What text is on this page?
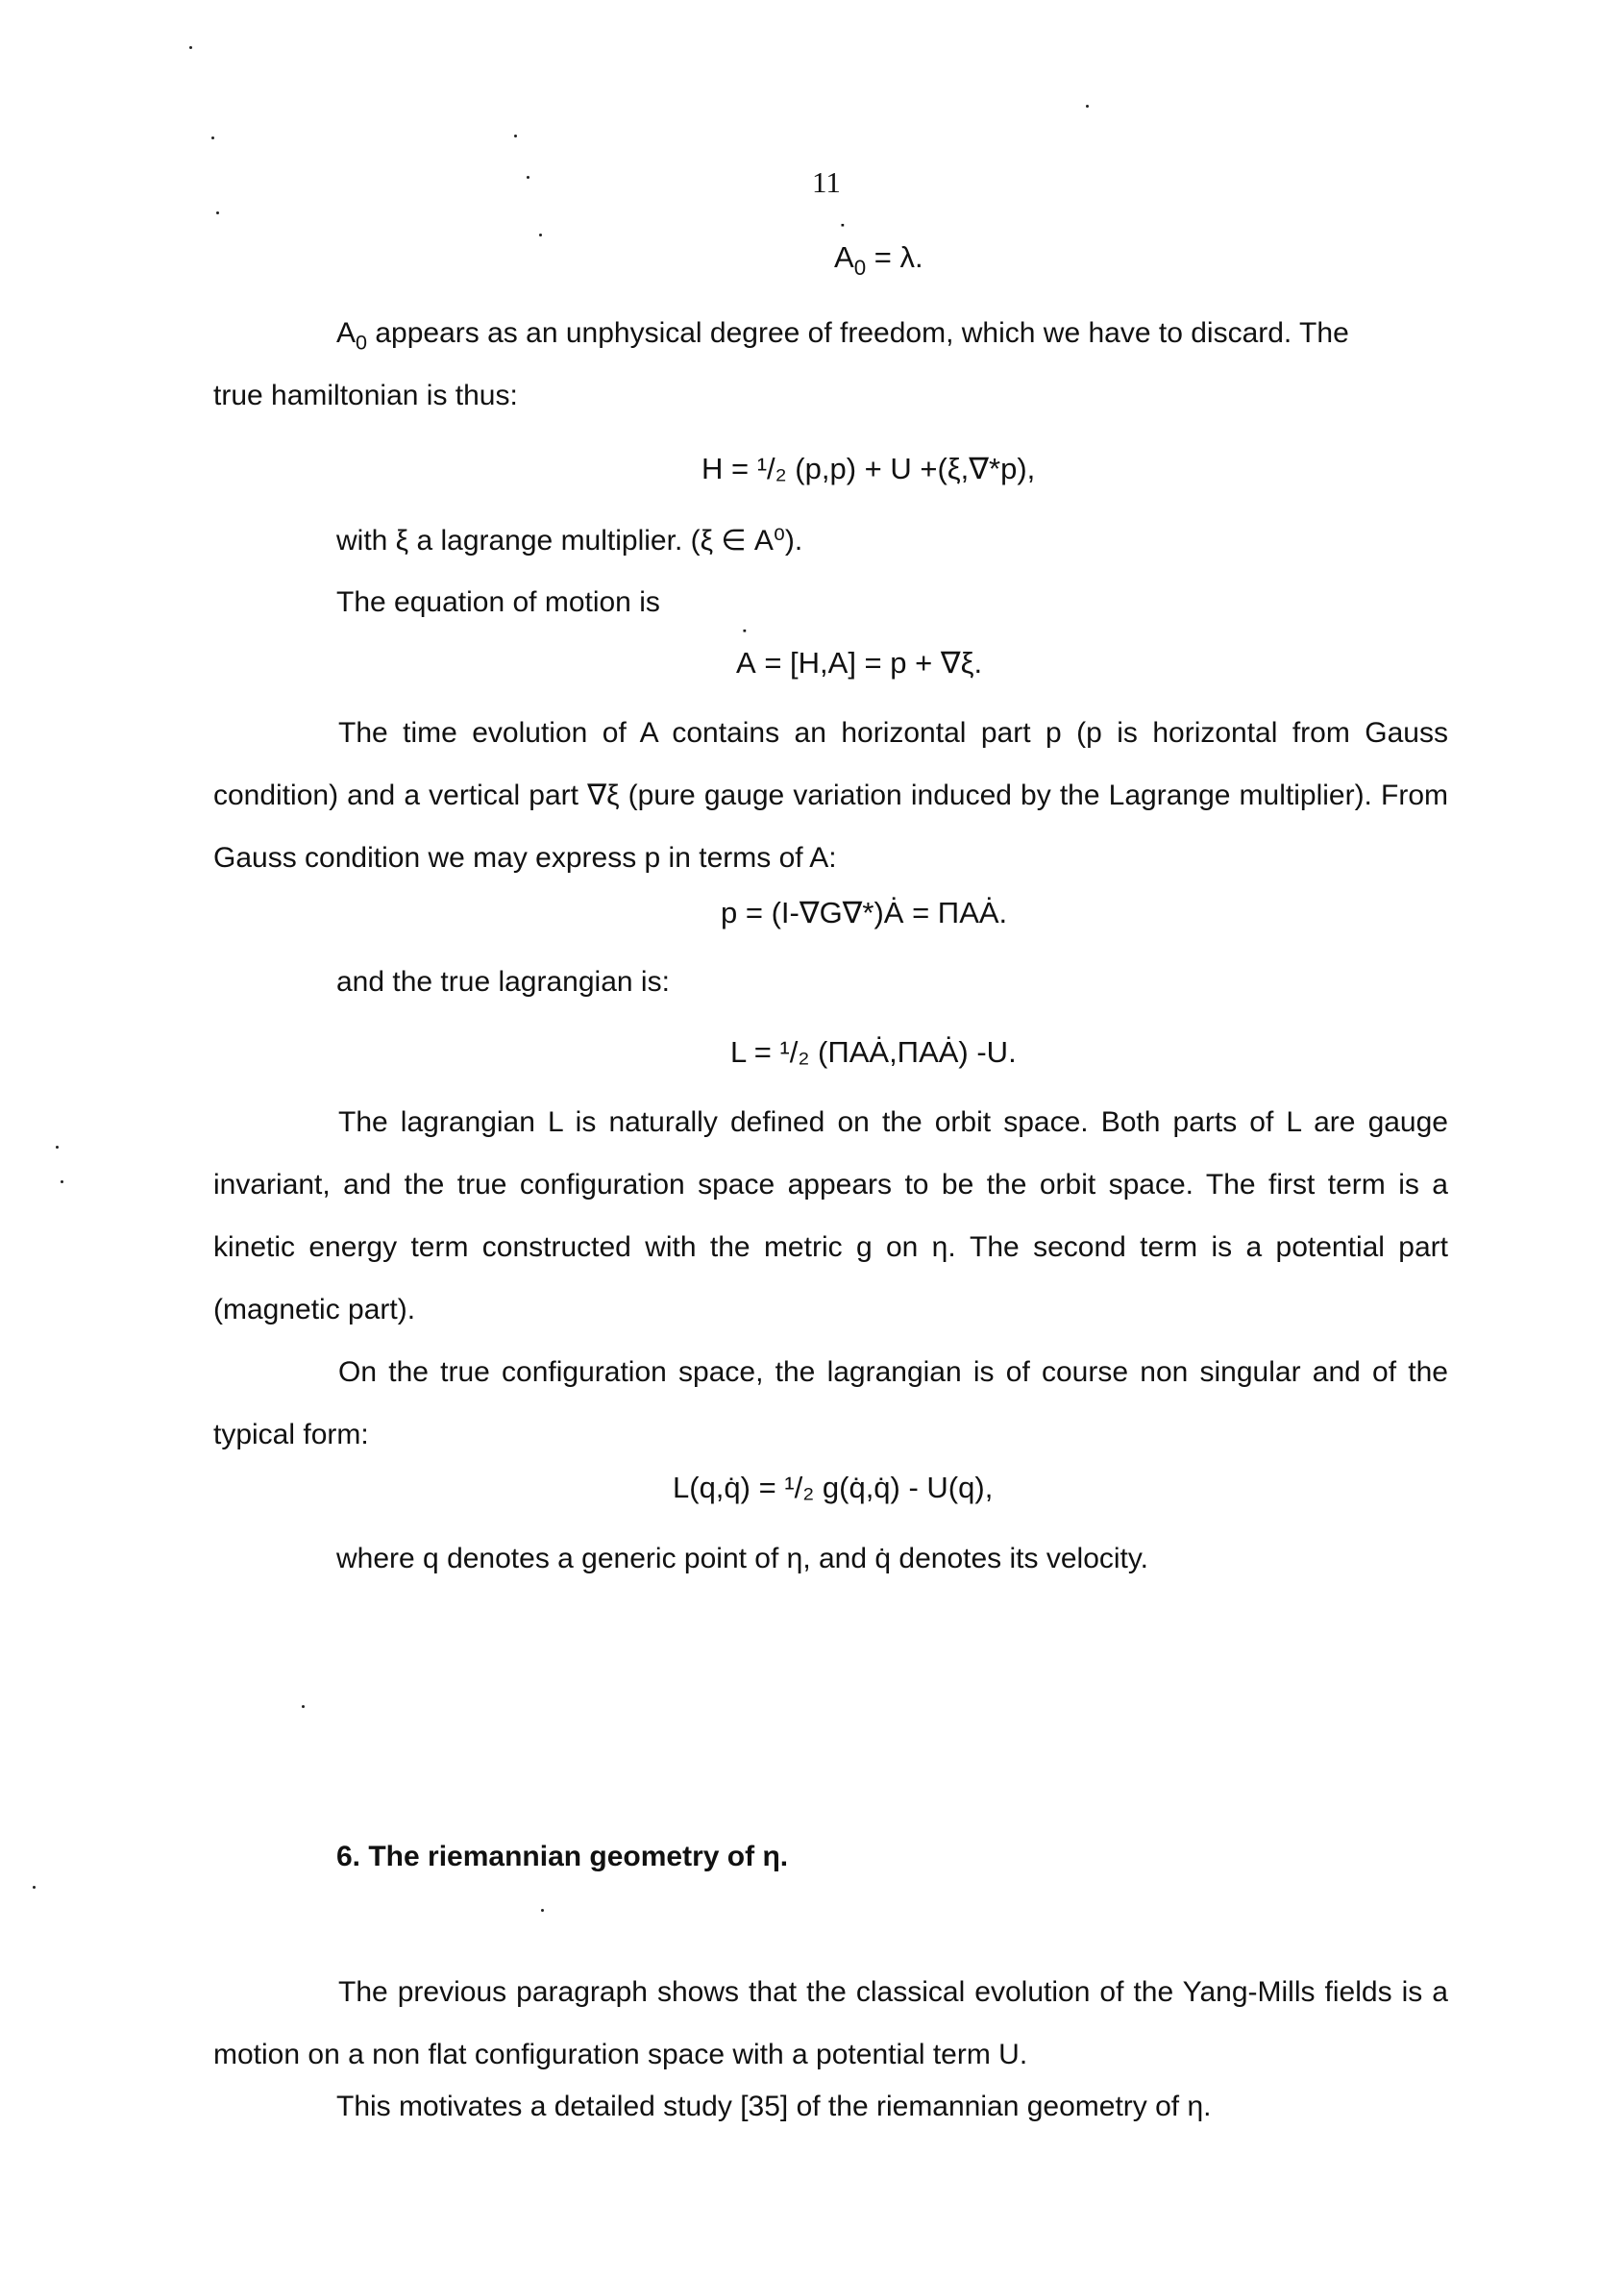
11
˙ $A_0 = \lambda$.
$A_0$ appears as an unphysical degree of freedom, which we have to discard. The
true hamiltonian is thus:
H = ¹/₂ (p,p) + U +(ξ,∇*p),
with ξ a lagrange multiplier. (ξ ∈ A⁰).
The equation of motion is
˙ A = [H,A] = p + ∇ξ.
The time evolution of A contains an horizontal part p (p is horizontal from Gauss condition) and a vertical part ∇ξ (pure gauge variation induced by the Lagrange multiplier). From Gauss condition we may express p in terms of A:
p = (I-∇G∇*)Ȧ = ΠAȦ.
and the true lagrangian is:
L = ¹/₂ (ΠAȦ,ΠAȦ) -U.
The lagrangian L is naturally defined on the orbit space. Both parts of L are gauge invariant, and the true configuration space appears to be the orbit space. The first term is a kinetic energy term constructed with the metric g on η. The second term is a potential part (magnetic part).
On the true configuration space, the lagrangian is of course non singular and of the typical form:
L(q,q̇) = ¹/₂ g(q̇,q̇) - U(q),
where q denotes a generic point of η, and q̇ denotes its velocity.
6. The riemannian geometry of η.
The previous paragraph shows that the classical evolution of the Yang-Mills fields is a motion on a non flat configuration space with a potential term U.
This motivates a detailed study [35] of the riemannian geometry of η.
